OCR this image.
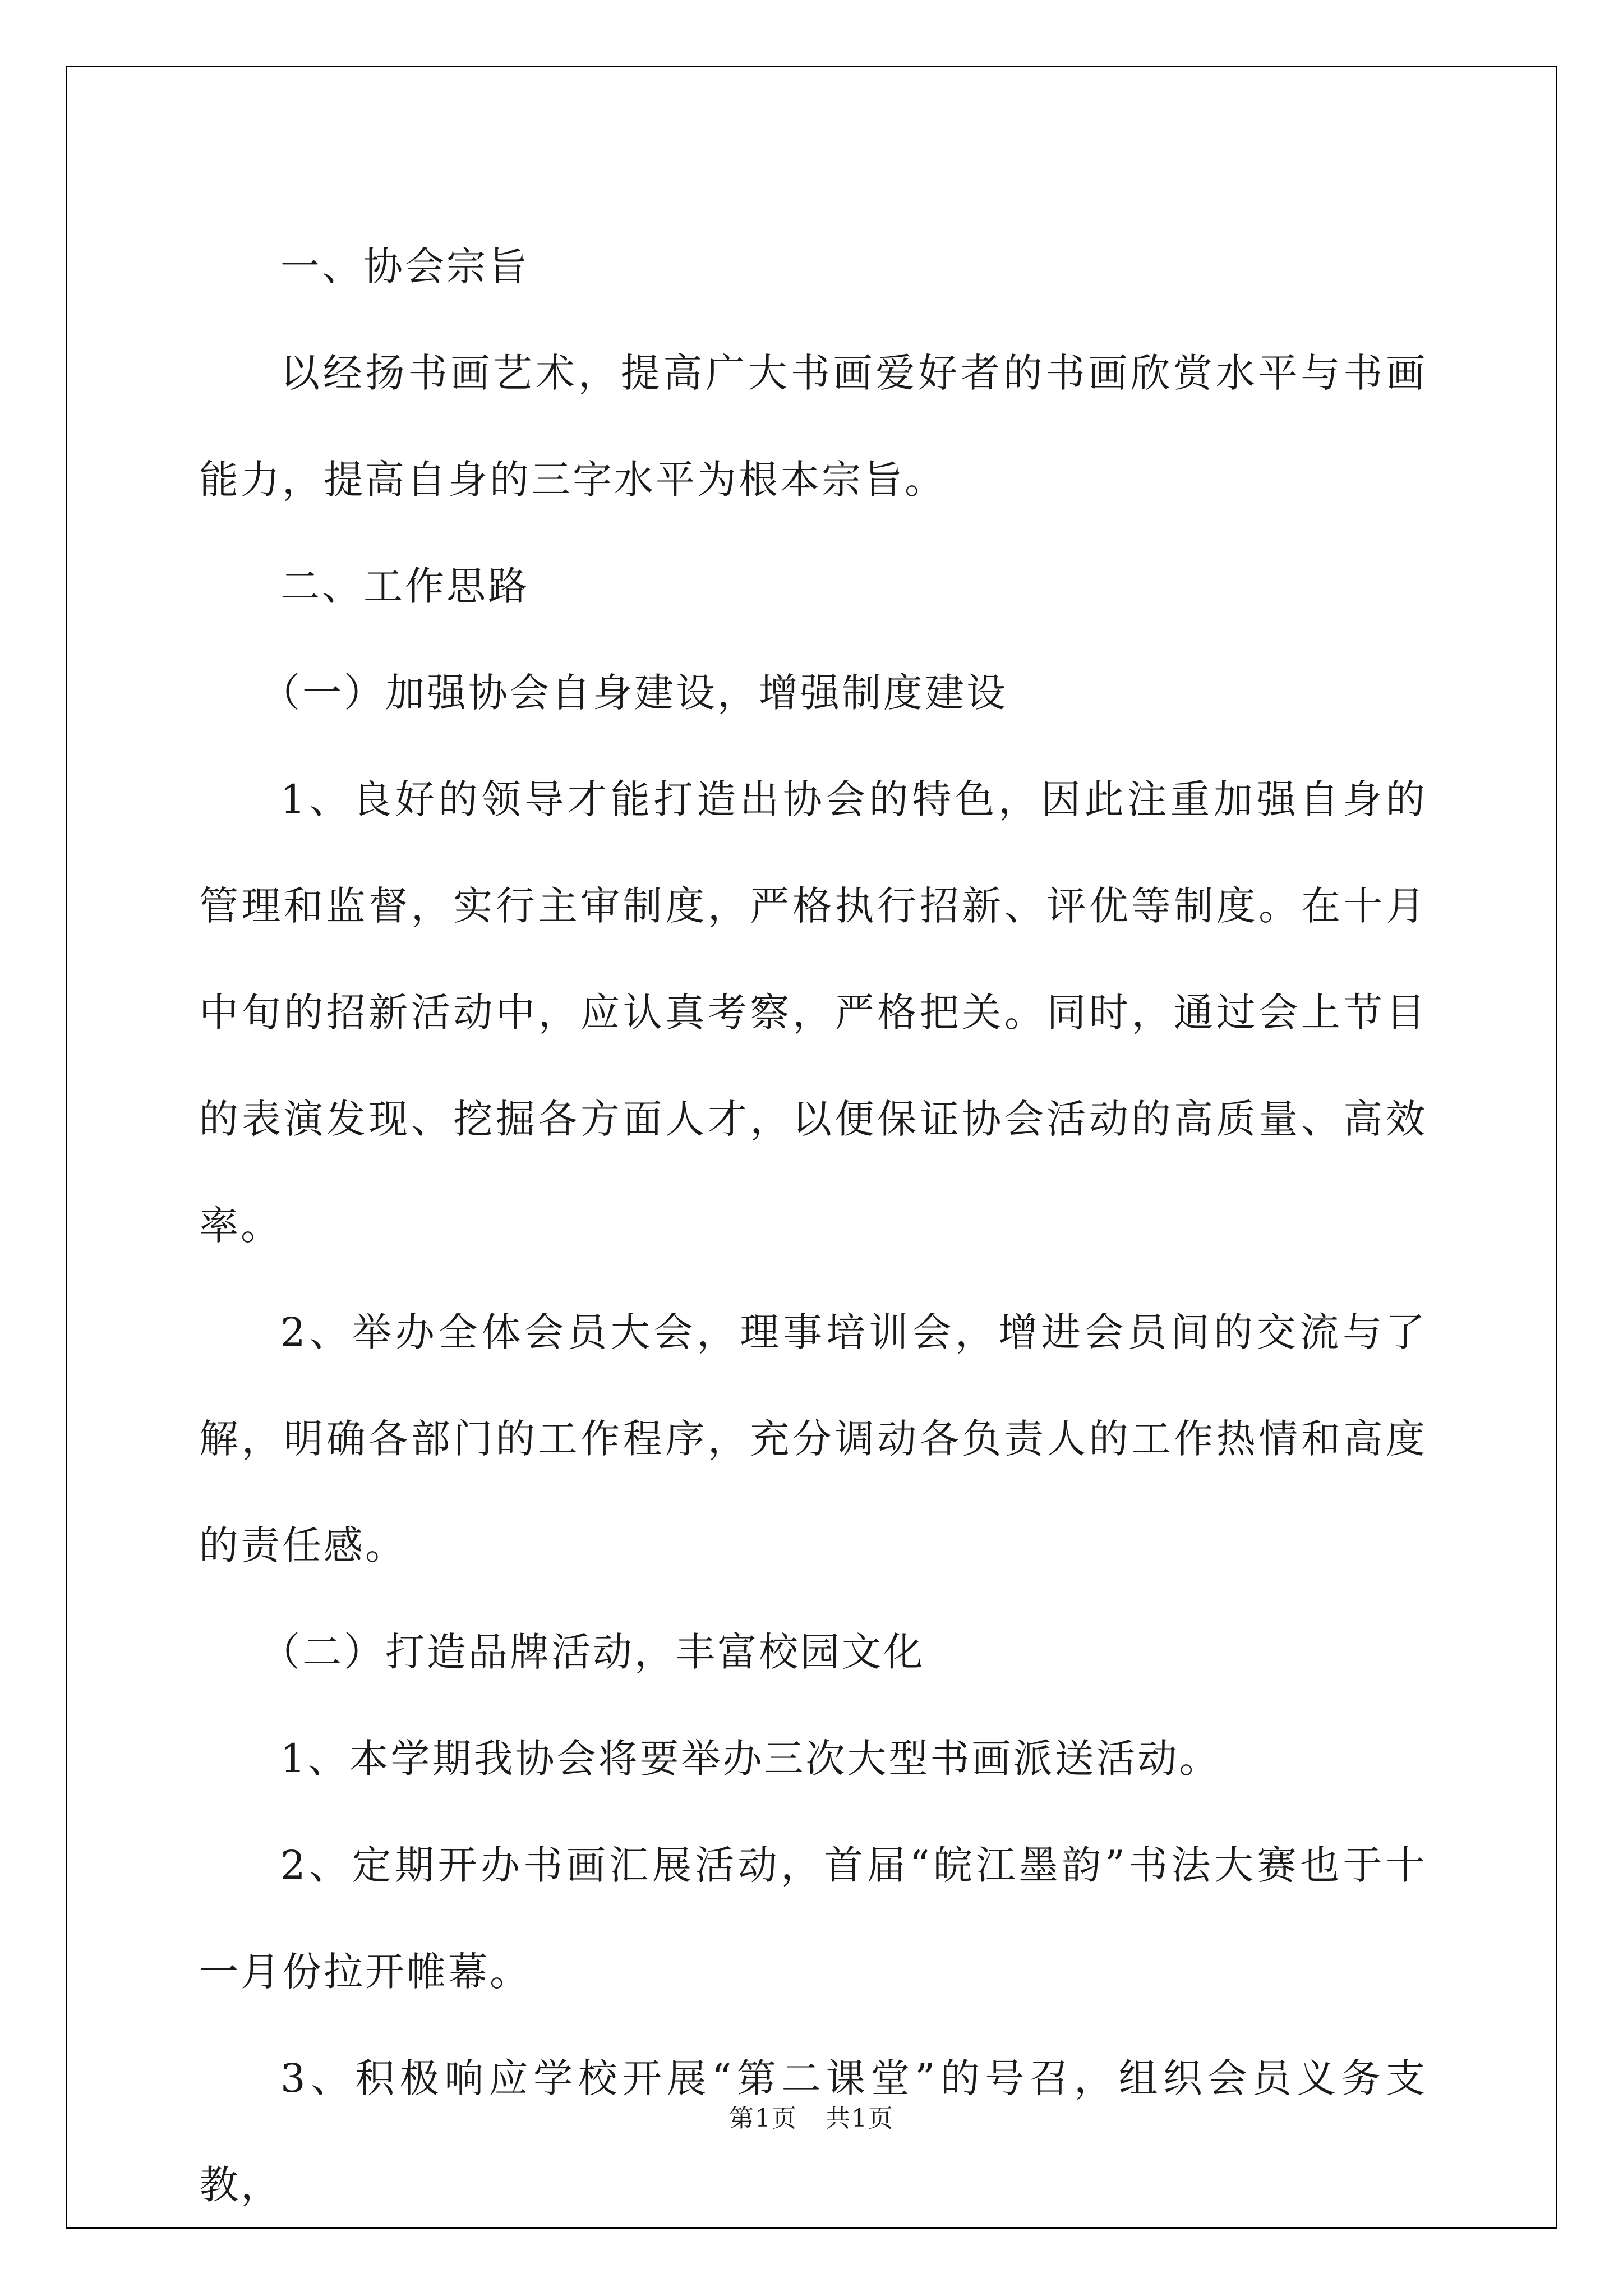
一、协会宗旨

以经扬书画艺术，提高广大书画爱好者的书画欣赏水平与书画能力，提高自身的三字水平为根本宗旨。

二、工作思路

（一）加强协会自身建设，增强制度建设

1、良好的领导才能打造出协会的特色，因此注重加强自身的管理和监督，实行主审制度，严格执行招新、评优等制度。在十月中旬的招新活动中，应认真考察，严格把关。同时，通过会上节目的表演发现、挖掘各方面人才，以便保证协会活动的高质量、高效率。

2、举办全体会员大会，理事培训会，增进会员间的交流与了解，明确各部门的工作程序，充分调动各负责人的工作热情和高度的责任感。

（二）打造品牌活动，丰富校园文化

1、本学期我协会将要举办三次大型书画派送活动。

2、定期开办书画汇展活动，首届“皖江墨韵”书法大赛也于十一月份拉开帷幕。

3、积极响应学校开展“第二课堂”的号召，组织会员义务支教，

第1页 共1页
